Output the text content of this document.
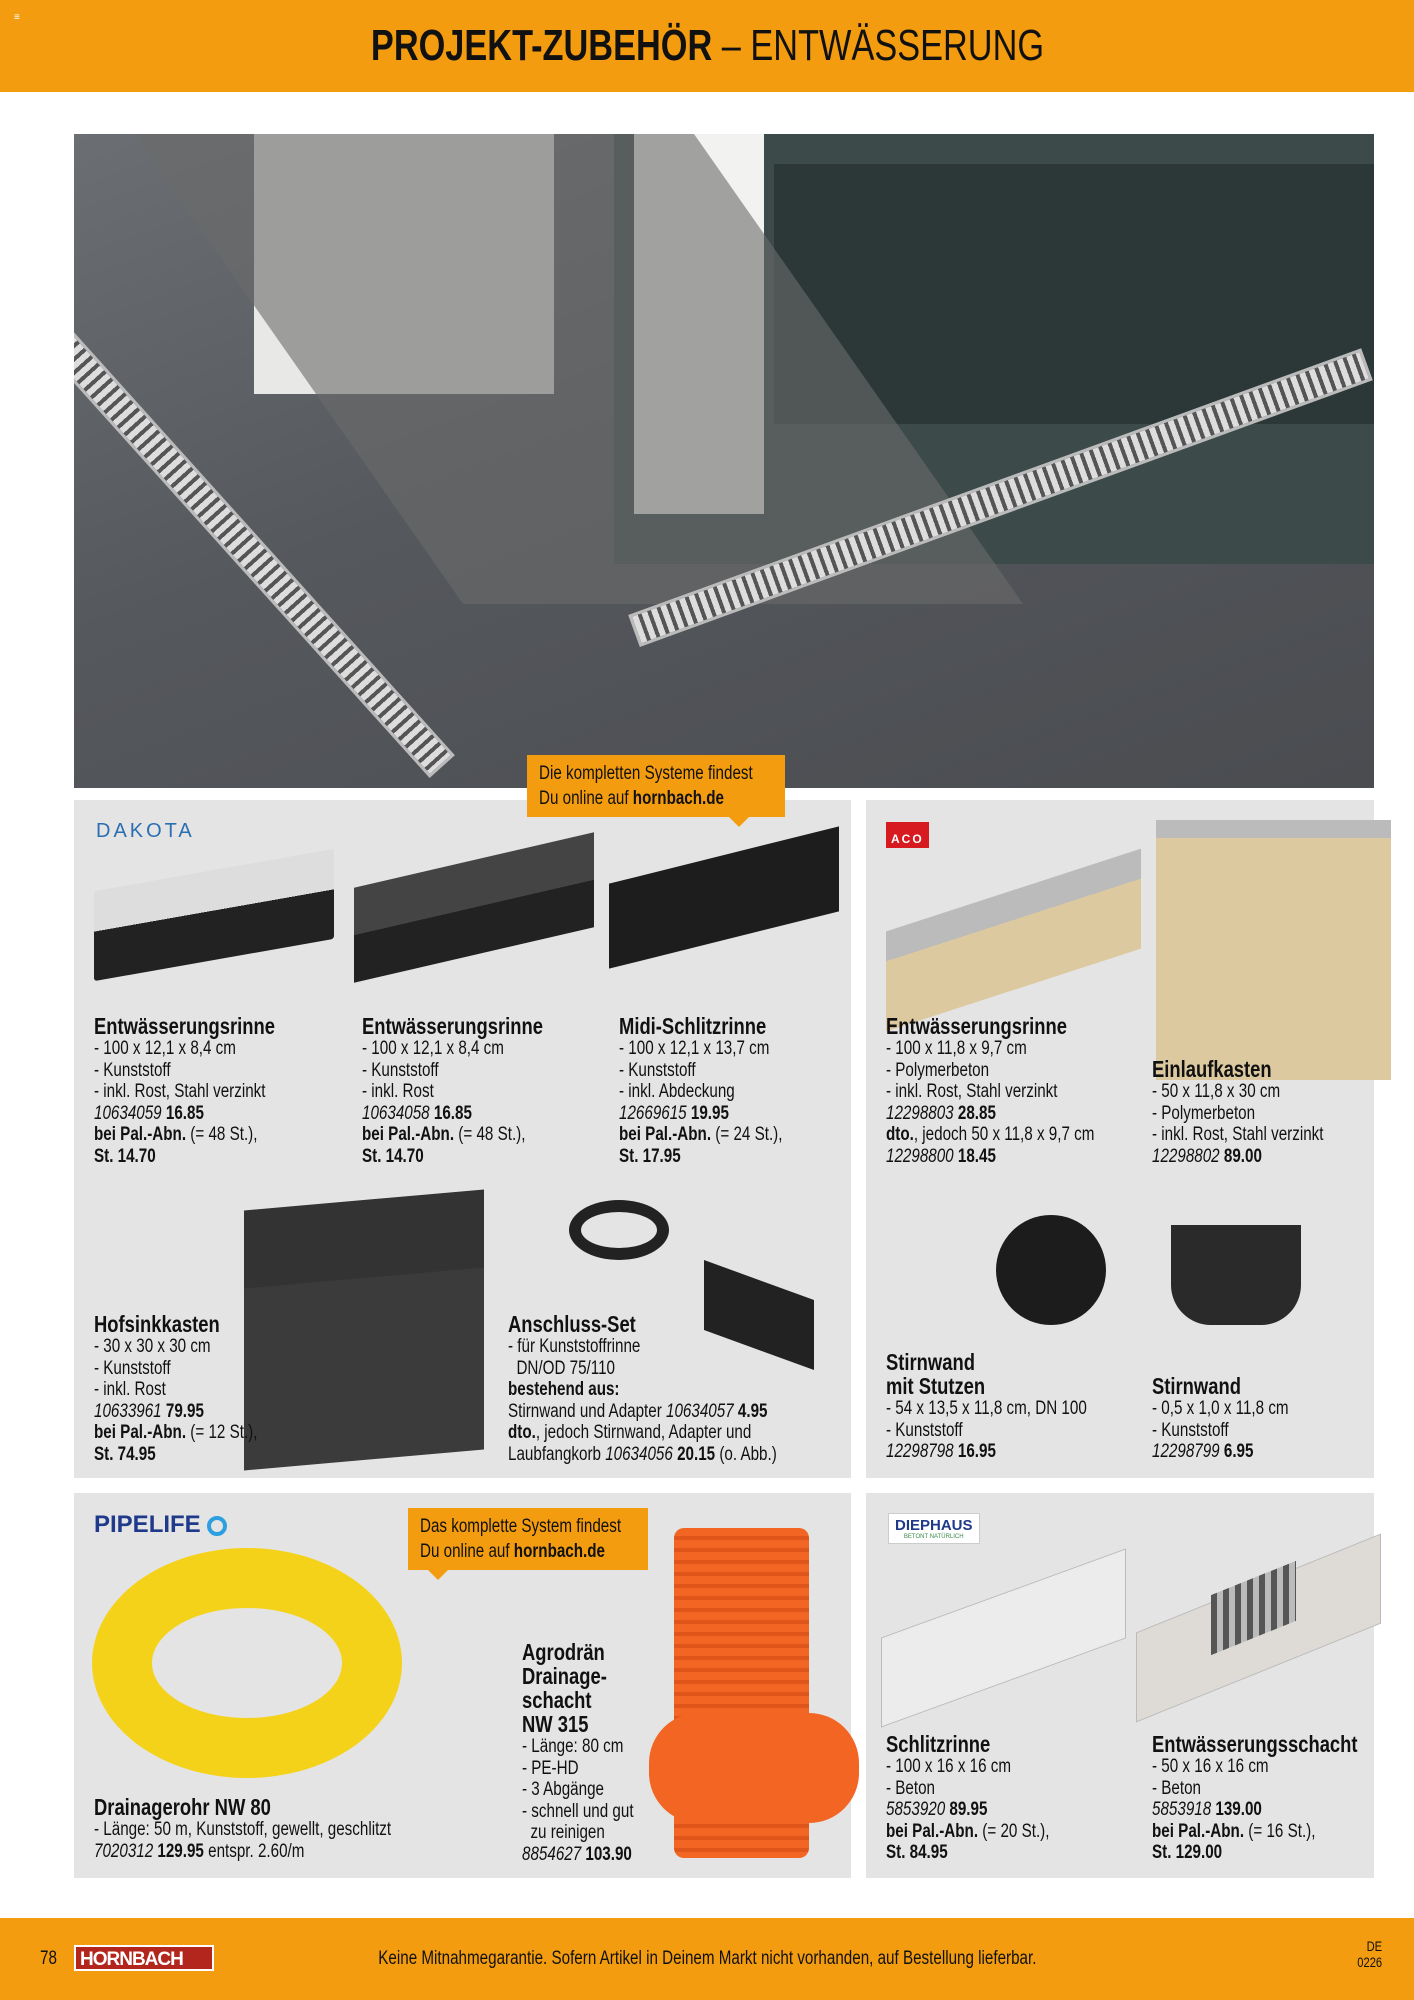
≡
PROJEKT-ZUBEHÖR – ENTWÄSSERUNG
DAKOTA	ACO
PIPELIFE	DIEPHAUS
BETONT NATÜRLICH
Die kompletten Systeme findest
Du online auf hornbach.de
Das komplette System findest
Du online auf hornbach.de
Entwässerungsrinne
- 100 x 12,1 x 8,4 cm
- Kunststoff
- inkl. Rost, Stahl verzinkt
10634059 16.85
bei Pal.-Abn. (= 48 St.),
St. 14.70
Entwässerungsrinne
- 100 x 12,1 x 8,4 cm
- Kunststoff
- inkl. Rost
10634058 16.85
bei Pal.-Abn. (= 48 St.),
St. 14.70
Midi-Schlitzrinne
- 100 x 12,1 x 13,7 cm
- Kunststoff
- inkl. Abdeckung
12669615 19.95
bei Pal.-Abn. (= 24 St.),
St. 17.95
Entwässerungsrinne
- 100 x 11,8 x 9,7 cm
- Polymerbeton
- inkl. Rost, Stahl verzinkt
12298803 28.85
dto., jedoch 50 x 11,8 x 9,7 cm
12298800 18.45
Einlaufkasten
- 50 x 11,8 x 30 cm
- Polymerbeton
- inkl. Rost, Stahl verzinkt
12298802 89.00
Hofsinkkasten
- 30 x 30 x 30 cm
- Kunststoff
- inkl. Rost
10633961 79.95
bei Pal.-Abn. (= 12 St.),
St. 74.95
Anschluss-Set
- für Kunststoffrinne
DN/OD 75/110
bestehend aus:
Stirnwand und Adapter 10634057 4.95
dto., jedoch Stirnwand, Adapter und
Laubfangkorb 10634056 20.15 (o. Abb.)
Stirnwand
mit Stutzen
- 54 x 13,5 x 11,8 cm, DN 100
- Kunststoff
12298798 16.95
Stirnwand
- 0,5 x 1,0 x 11,8 cm
- Kunststoff
12298799 6.95
Drainagerohr NW 80
- Länge: 50 m, Kunststoff, gewellt, geschlitzt
7020312 129.95 entspr. 2.60/m
Agrodrän
Drainage-
schacht
NW 315
- Länge: 80 cm
- PE-HD
- 3 Abgänge
- schnell und gut
zu reinigen
8854627 103.90
Schlitzrinne
- 100 x 16 x 16 cm
- Beton
5853920 89.95
bei Pal.-Abn. (= 20 St.),
St. 84.95
Entwässerungsschacht
- 50 x 16 x 16 cm
- Beton
5853918 139.00
bei Pal.-Abn. (= 16 St.),
St. 129.00
78	HORNBACH	Keine Mitnahmegarantie. Sofern Artikel in Deinem Markt nicht vorhanden, auf Bestellung lieferbar.
DE
0226
